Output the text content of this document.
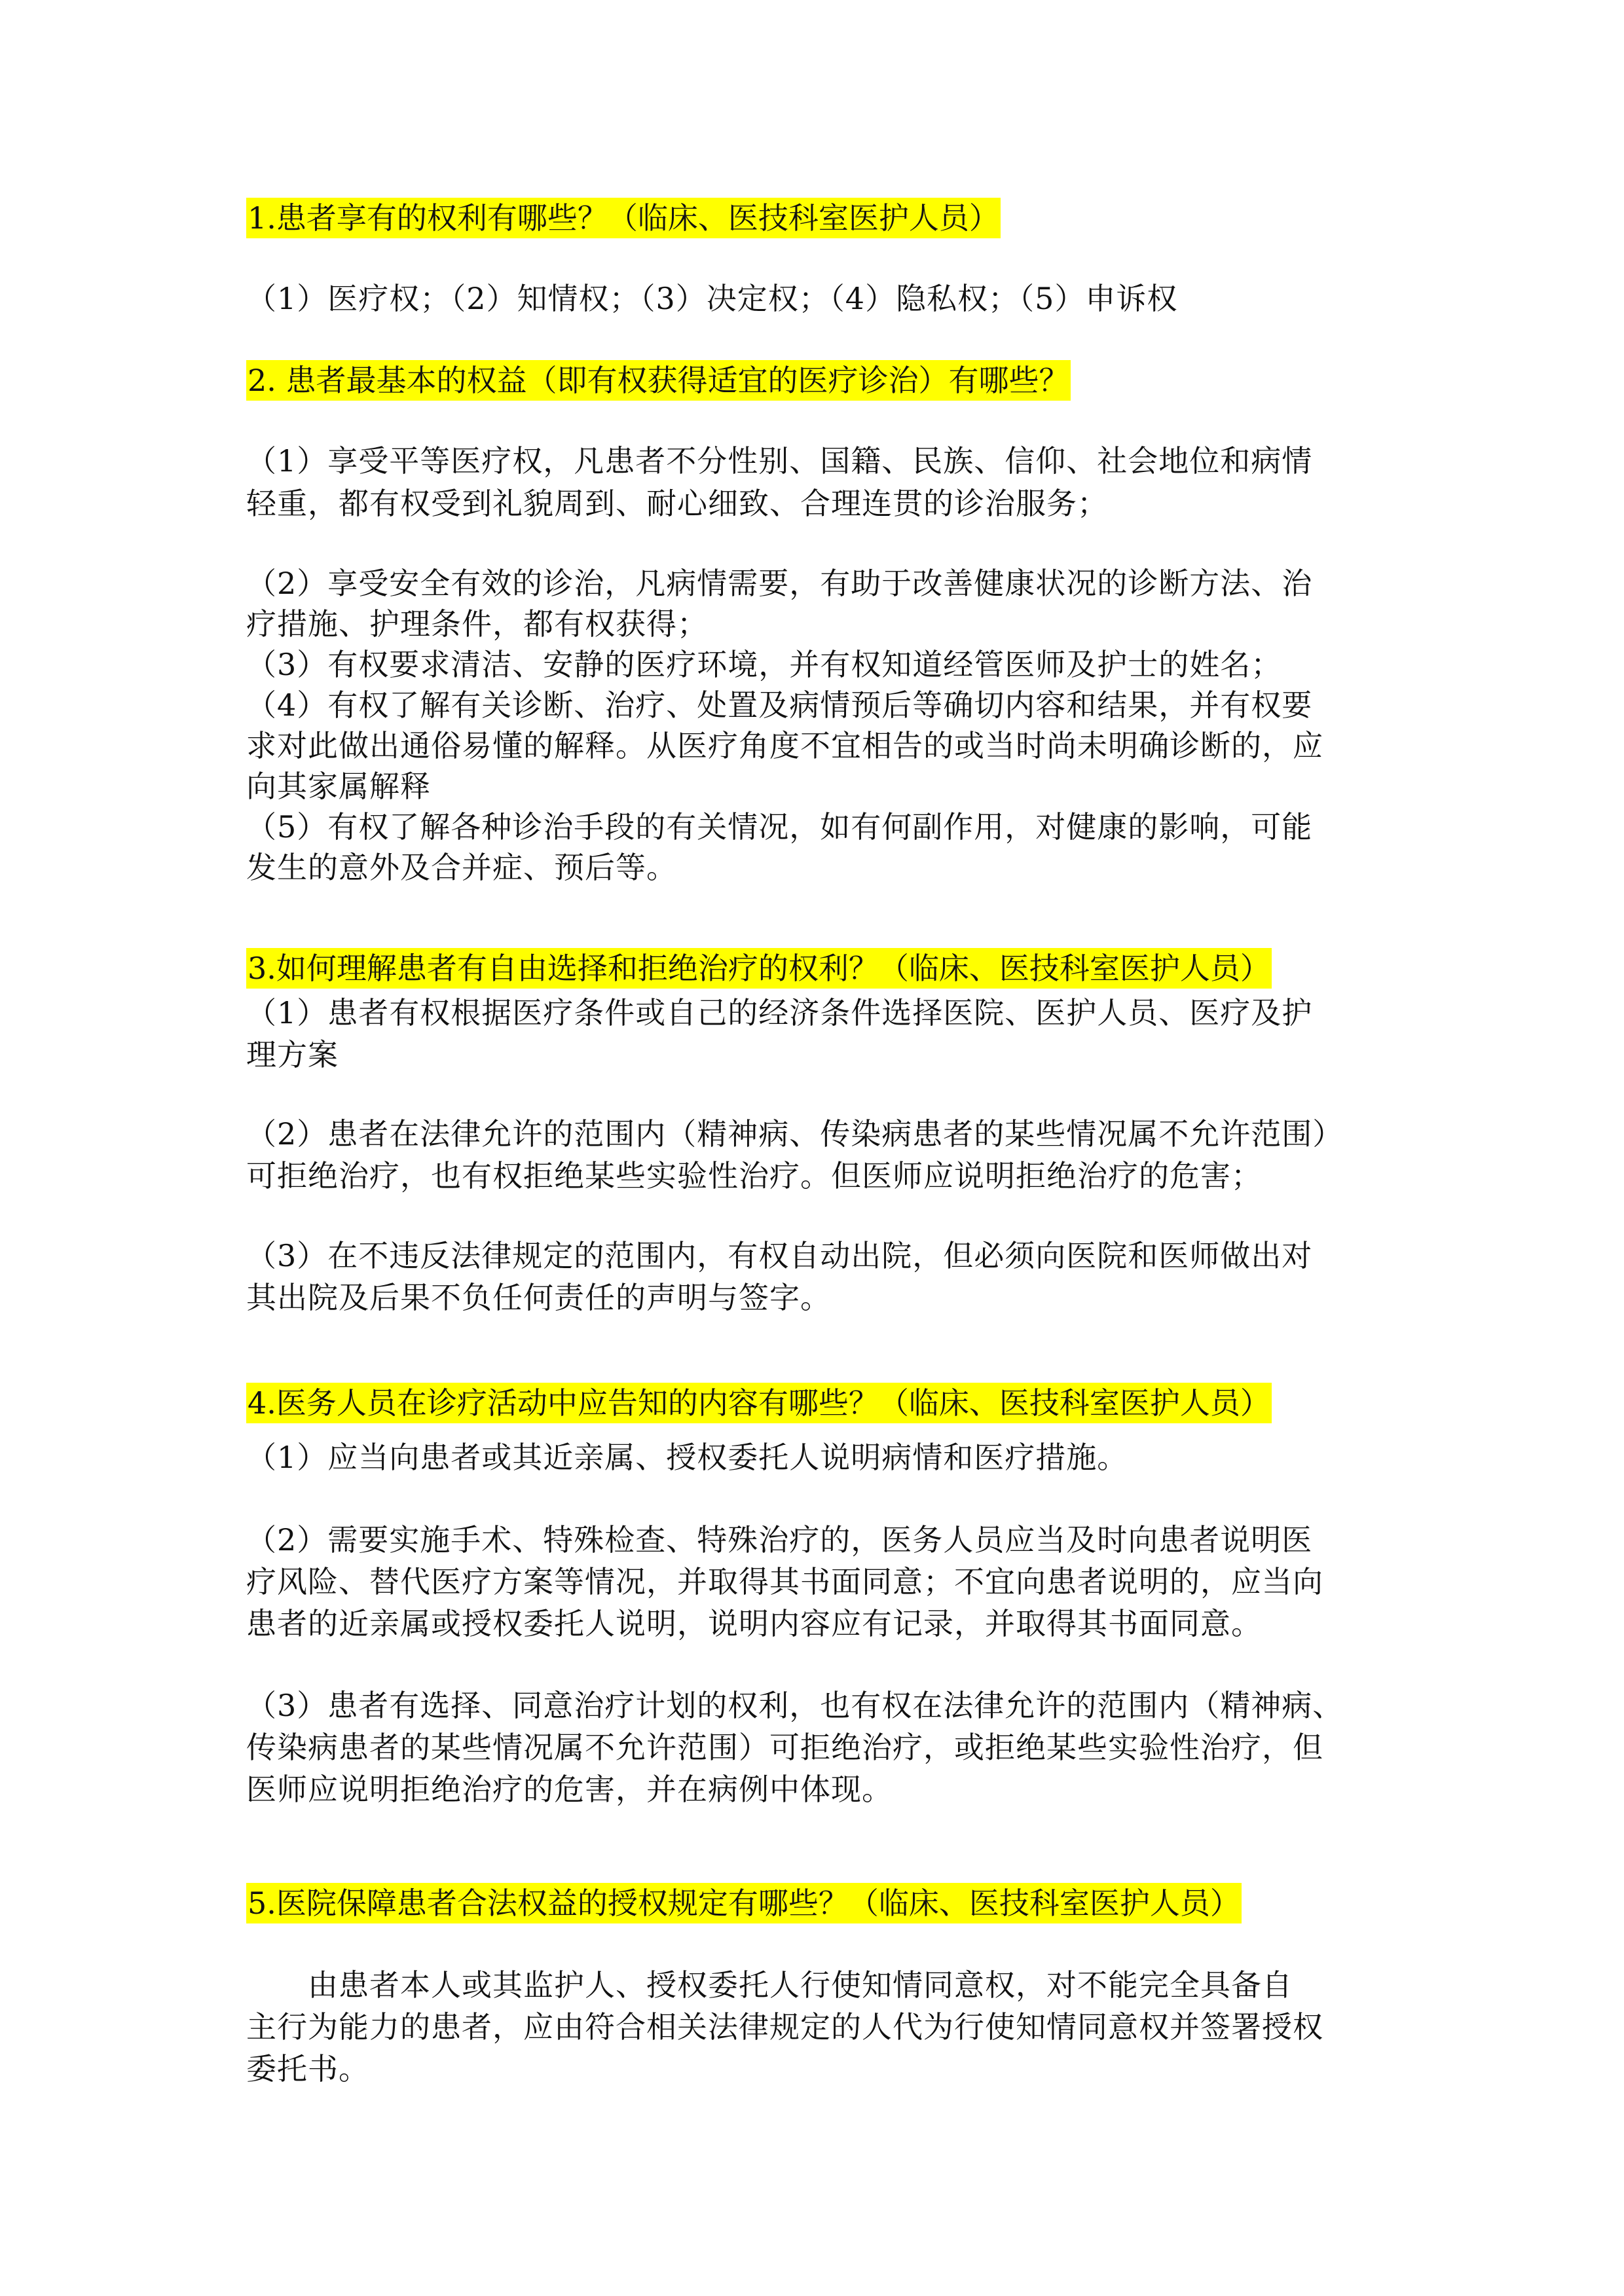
1.患者享有的权利有哪些？（临床、医技科室医护人员）
（1）医疗权；（2）知情权；（3）决定权；（4）隐私权；（5）申诉权
2. 患者最基本的权益（即有权获得适宜的医疗诊治）有哪些？
（1）享受平等医疗权，凡患者不分性别、国籍、民族、信仰、社会地位和病情
轻重，都有权受到礼貌周到、耐心细致、合理连贯的诊治服务；
（2）享受安全有效的诊治，凡病情需要，有助于改善健康状况的诊断方法、治
疗措施、护理条件，都有权获得；
（3）有权要求清洁、安静的医疗环境，并有权知道经管医师及护士的姓名；
（4）有权了解有关诊断、治疗、处置及病情预后等确切内容和结果，并有权要
求对此做出通俗易懂的解释。从医疗角度不宜相告的或当时尚未明确诊断的，应
向其家属解释
（5）有权了解各种诊治手段的有关情况，如有何副作用，对健康的影响，可能
发生的意外及合并症、预后等。
3.如何理解患者有自由选择和拒绝治疗的权利？（临床、医技科室医护人员）
（1）患者有权根据医疗条件或自己的经济条件选择医院、医护人员、医疗及护
理方案
（2）患者在法律允许的范围内（精神病、传染病患者的某些情况属不允许范围）
可拒绝治疗，也有权拒绝某些实验性治疗。但医师应说明拒绝治疗的危害；
（3）在不违反法律规定的范围内，有权自动出院，但必须向医院和医师做出对
其出院及后果不负任何责任的声明与签字。
4.医务人员在诊疗活动中应告知的内容有哪些？（临床、医技科室医护人员）
（1）应当向患者或其近亲属、授权委托人说明病情和医疗措施。
（2）需要实施手术、特殊检查、特殊治疗的，医务人员应当及时向患者说明医
疗风险、替代医疗方案等情况，并取得其书面同意；不宜向患者说明的，应当向
患者的近亲属或授权委托人说明，说明内容应有记录，并取得其书面同意。
（3）患者有选择、同意治疗计划的权利，也有权在法律允许的范围内（精神病、
传染病患者的某些情况属不允许范围）可拒绝治疗，或拒绝某些实验性治疗，但
医师应说明拒绝治疗的危害，并在病例中体现。
5.医院保障患者合法权益的授权规定有哪些？（临床、医技科室医护人员）
　　由患者本人或其监护人、授权委托人行使知情同意权，对不能完全具备自
主行为能力的患者，应由符合相关法律规定的人代为行使知情同意权并签署授权
委托书。
